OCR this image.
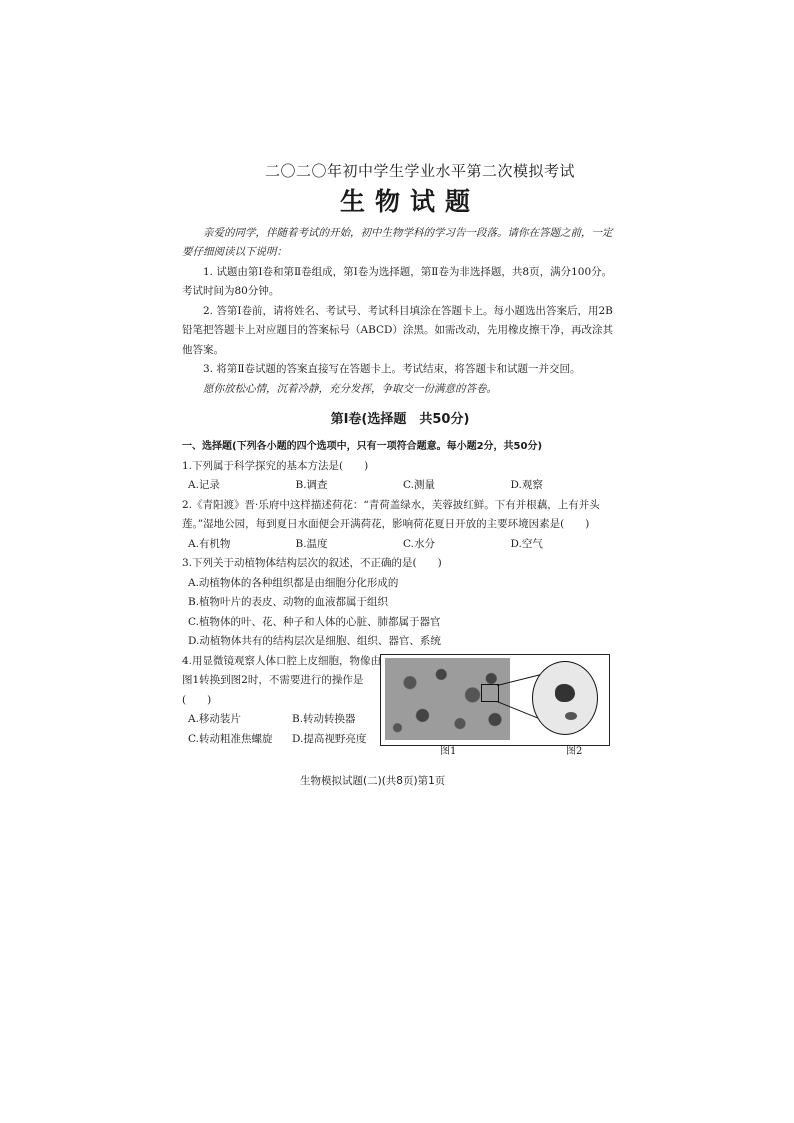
二〇二〇年初中学生学业水平第二次模拟考试
生物试题

亲爱的同学，伴随着考试的开始，初中生物学科的学习告一段落。请你在答题之前，一定要仔细阅读以下说明：

1. 试题由第Ⅰ卷和第Ⅱ卷组成，第Ⅰ卷为选择题，第Ⅱ卷为非选择题，共8页，满分100分。考试时间为80分钟。

2. 答第Ⅰ卷前，请将姓名、考试号、考试科目填涂在答题卡上。每小题选出答案后，用2B铅笔把答题卡上对应题目的答案标号（ABCD）涂黑。如需改动，先用橡皮擦干净，再改涂其他答案。

3. 将第Ⅱ卷试题的答案直接写在答题卡上。考试结束，将答题卡和试题一并交回。

愿你放松心情，沉着冷静，充分发挥，争取交一份满意的答卷。

第Ⅰ卷(选择题　共50分)

一、选择题(下列各小题的四个选项中，只有一项符合题意。每小题2分，共50分)

1.下列属于科学探究的基本方法是(　　)

A.记录	B.调查	C.测量	D.观察

2.《青阳渡》晋·乐府中这样描述荷花：“青荷盖绿水，芙蓉披红鲜。下有并根藕，上有并头莲。”湿地公园，每到夏日水面便会开满荷花，影响荷花夏日开放的主要环境因素是(　　)

A.有机物	B.温度	C.水分	D.空气

3.下列关于动植物体结构层次的叙述，不正确的是(　　)

A.动植物体的各种组织都是由细胞分化形成的

B.植物叶片的表皮、动物的血液都属于组织

C.植物体的叶、花、种子和人体的心脏、肺都属于器官

D.动植物体共有的结构层次是细胞、组织、器官、系统

4.用显微镜观察人体口腔上皮细胞，物像由图1转换到图2时，不需要进行的操作是(　　)

A.移动装片	B.转动转换器
C.转动粗准焦螺旋	D.提高视野亮度
图1	图2
生物模拟试题(二)(共8页)第1页
